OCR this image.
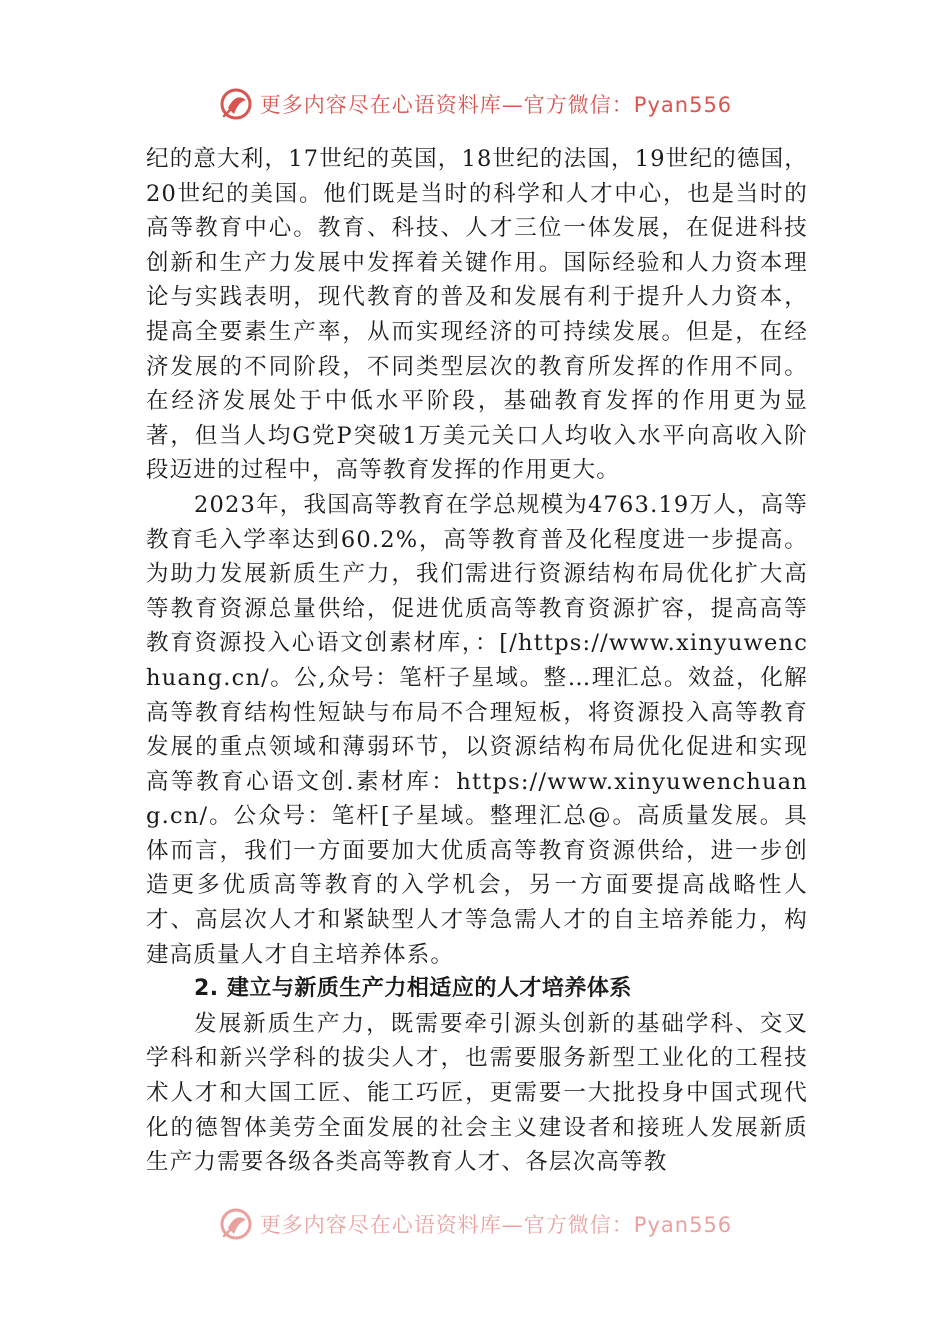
更多内容尽在心语资料库—官方微信：Pyan556

纪的意大利，17世纪的英国，18世纪的法国，19世纪的德国，20世纪的美国。他们既是当时的科学和人才中心，也是当时的高等教育中心。教育、科技、人才三位一体发展，在促进科技创新和生产力发展中发挥着关键作用。国际经验和人力资本理论与实践表明，现代教育的普及和发展有利于提升人力资本，提高全要素生产率，从而实现经济的可持续发展。但是，在经济发展的不同阶段，不同类型层次的教育所发挥的作用不同。在经济发展处于中低水平阶段，基础教育发挥的作用更为显著，但当人均G党P突破1万美元关口人均收入水平向高收入阶段迈进的过程中，高等教育发挥的作用更大。

2023年，我国高等教育在学总规模为4763.19万人，高等教育毛入学率达到60.2%，高等教育普及化程度进一步提高。为助力发展新质生产力，我们需进行资源结构布局优化扩大高等教育资源总量供给，促进优质高等教育资源扩容，提高高等教育资源投入心语文创素材库，：[/https://www.xinyuwenchuang.cn/。公,众号：笔杆子星域。整…理汇总。效益，化解高等教育结构性短缺与布局不合理短板，将资源投入高等教育发展的重点领域和薄弱环节，以资源结构布局优化促进和实现高等教育心语文创.素材库：https://www.xinyuwenchuang.cn/。公众号：笔杆[子星域。整理汇总@。高质量发展。具体而言，我们一方面要加大优质高等教育资源供给，进一步创造更多优质高等教育的入学机会，另一方面要提高战略性人才、高层次人才和紧缺型人才等急需人才的自主培养能力，构建高质量人才自主培养体系。

2. 建立与新质生产力相适应的人才培养体系

发展新质生产力，既需要牵引源头创新的基础学科、交叉学科和新兴学科的拔尖人才，也需要服务新型工业化的工程技术人才和大国工匠、能工巧匠，更需要一大批投身中国式现代化的德智体美劳全面发展的社会主义建设者和接班人发展新质生产力需要各级各类高等教育人才、各层次高等教

更多内容尽在心语资料库—官方微信：Pyan556
